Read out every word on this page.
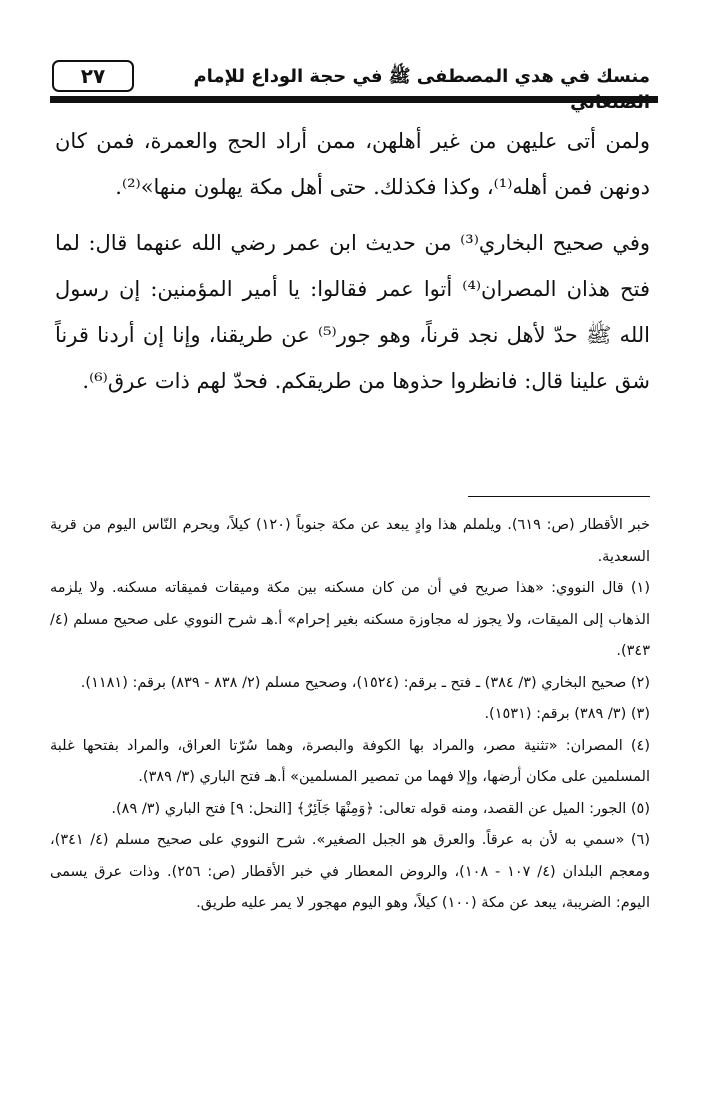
منسك في هدي المصطفى ﷺ في حجة الوداع للإمام
٢٧

ولمن أتى عليهن من غير أهلهن، ممن أراد الحج والعمرة، فمن كان دونهن فمن أهله⁽¹⁾، وكذا فكذلك. حتى أهل مكة يهلون منها»⁽²⁾.

وفي صحيح البخاري⁽³⁾ من حديث ابن عمر رضي الله عنهما قال: لما فتح هذان المصران⁽⁴⁾ أتوا عمر فقالوا: يا أمير المؤمنين: إن رسول الله ﷺ حدّ لأهل نجد قرناً، وهو جور⁽⁵⁾ عن طريقنا، وإنا إن أردنا قرناً شق علينا قال: فانظروا حذوها من طريقكم. فحدّ لهم ذات عرق⁽⁶⁾.

خبر الأقطار (ص: ٦١٩). ويلملم هذا وادٍ يبعد عن مكة جنوباً (١٢٠) كيلاً، ويحرم النّاس اليوم من قرية السعدية.

(١) قال النووي: «هذا صريح في أن من كان مسكنه بين مكة وميقات فميقاته مسكنه. ولا يلزمه الذهاب إلى الميقات، ولا يجوز له مجاوزة مسكنه بغير إحرام» أ.هـ شرح النووي على صحيح مسلم (٤/ ٣٤٣).

(٢) صحيح البخاري (٣/ ٣٨٤) ـ فتح ـ برقم: (١٥٢٤)، وصحيح مسلم (٢/ ٨٣٨ - ٨٣٩) برقم: (١١٨١).

(٣) (٣/ ٣٨٩) برقم: (١٥٣١).

(٤) المصران: «تثنية مصر، والمراد بها الكوفة والبصرة، وهما سُرّتا العراق، والمراد بفتحها غلبة المسلمين على مكان أرضها، وإلا فهما من تمصير المسلمين» أ.هـ فتح الباري (٣/ ٣٨٩).

(٥) الجور: الميل عن القصد، ومنه قوله تعالى: ﴿وَمِنْهَا جَآئِرٌ﴾ [النحل: ٩] فتح الباري (٣/ ٨٩).

(٦) «سمي به لأن به عرقاً. والعرق هو الجبل الصغير». شرح النووي على صحيح مسلم (٤/ ٣٤١)، ومعجم البلدان (٤/ ١٠٧ - ١٠٨)، والروض المعطار في خبر الأقطار (ص: ٢٥٦). وذات عرق يسمى اليوم: الضريبة، يبعد عن مكة (١٠٠) كيلاً، وهو اليوم مهجور لا يمر عليه طريق.
